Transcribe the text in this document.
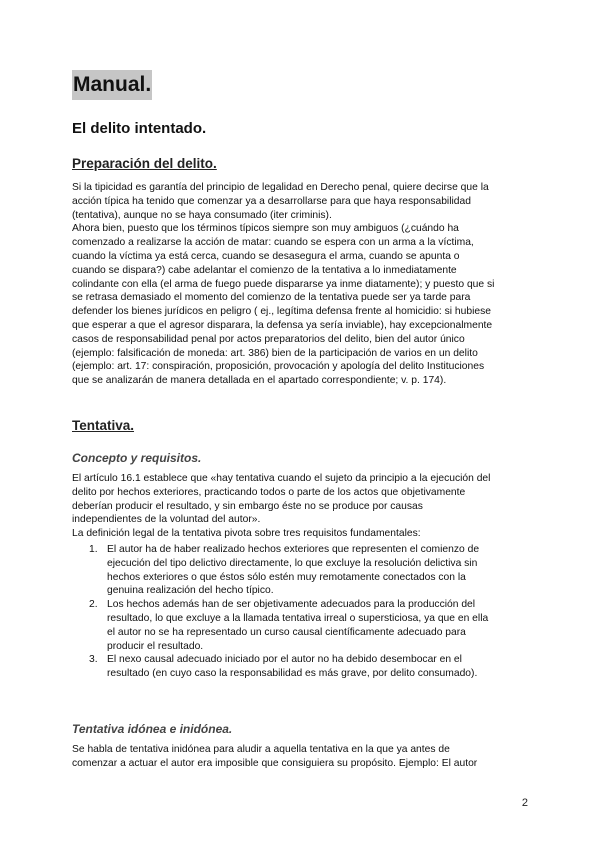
Manual.
El delito intentado.
Preparación del delito.
Si la tipicidad es garantía del principio de legalidad en Derecho penal, quiere decirse que la
acción típica ha tenido que comenzar ya a desarrollarse para que haya responsabilidad
(tentativa), aunque no se haya consumado (iter criminis).
Ahora bien, puesto que los términos típicos siempre son muy ambiguos (¿cuándo ha
comenzado a realizarse la acción de matar: cuando se espera con un arma a la víctima,
cuando la víctima ya está cerca, cuando se desasegura el arma, cuando se apunta o
cuando se dispara?) cabe adelantar el comienzo de la tentativa a lo inmediatamente
colindante con ella (el arma de fuego puede dispararse ya inme diatamente); y puesto que si
se retrasa demasiado el momento del comienzo de la tentativa puede ser ya tarde para
defender los bienes jurídicos en peligro ( ej., legítima defensa frente al homicidio: si hubiese
que esperar a que el agresor disparara, la defensa ya sería inviable), hay excepcionalmente
casos de responsabilidad penal por actos preparatorios del delito, bien del autor único
(ejemplo: falsificación de moneda: art. 386) bien de la participación de varios en un delito
(ejemplo: art. 17: conspiración, proposición, provocación y apología del delito Instituciones
que se analizarán de manera detallada en el apartado correspondiente; v. p. 174).
Tentativa.
Concepto y requisitos.
El artículo 16.1 establece que «hay tentativa cuando el sujeto da principio a la ejecución del
delito por hechos exteriores, practicando todos o parte de los actos que objetivamente
deberían producir el resultado, y sin embargo éste no se produce por causas
independientes de la voluntad del autor».
La definición legal de la tentativa pivota sobre tres requisitos fundamentales:
1. El autor ha de haber realizado hechos exteriores que representen el comienzo de
ejecución del tipo delictivo directamente, lo que excluye la resolución delictiva sin
hechos exteriores o que éstos sólo estén muy remotamente conectados con la
genuina realización del hecho típico.
2. Los hechos además han de ser objetivamente adecuados para la producción del
resultado, lo que excluye a la llamada tentativa irreal o supersticiosa, ya que en ella
el autor no se ha representado un curso causal científicamente adecuado para
producir el resultado.
3. El nexo causal adecuado iniciado por el autor no ha debido desembocar en el
resultado (en cuyo caso la responsabilidad es más grave, por delito consumado).
Tentativa idónea e inidónea.
Se habla de tentativa inidónea para aludir a aquella tentativa en la que ya antes de
comenzar a actuar el autor era imposible que consiguiera su propósito. Ejemplo: El autor
2
